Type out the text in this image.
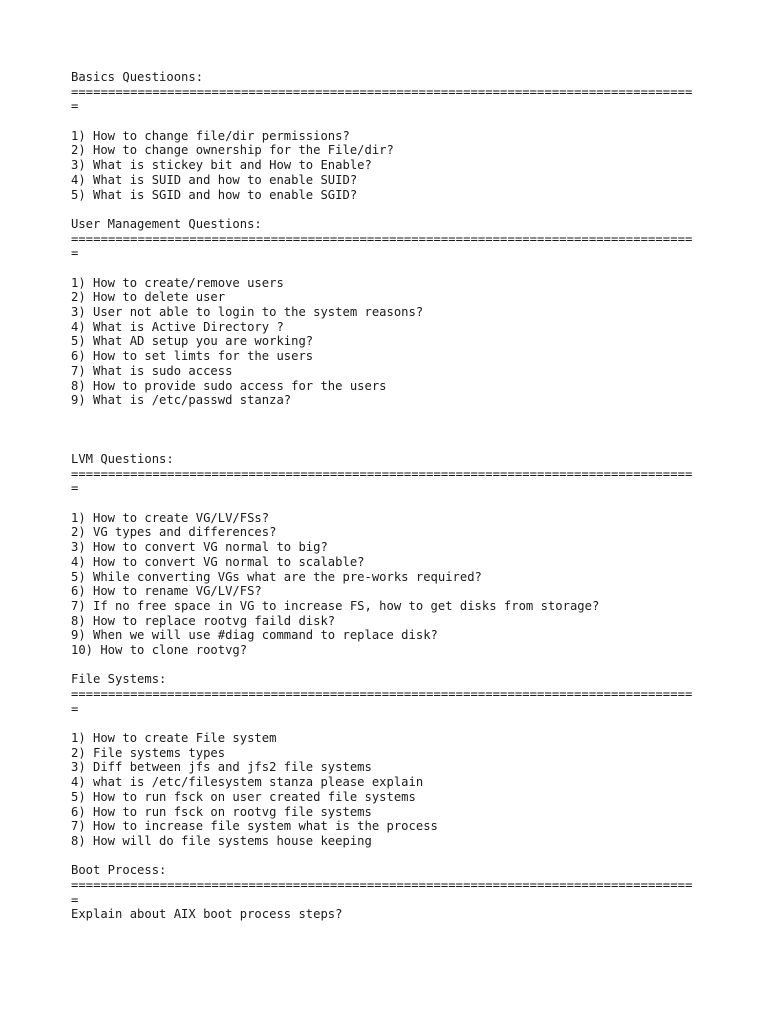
Basics Questioons:
=====================================================================================
1) How to change file/dir permissions?
2) How to change ownership for the File/dir?
3) What is stickey bit and How to Enable?
4) What is SUID and how to enable SUID?
5) What is SGID and how to enable SGID?
User Management Questions:
=====================================================================================
1) How to create/remove users
2) How to delete user
3) User not able to login to the system reasons?
4) What is Active Directory ?
5) What AD setup you are working?
6) How to set limts for the users
7) What is sudo access
8) How to provide sudo access for the users
9) What is /etc/passwd stanza?
LVM Questions:
=====================================================================================
1) How to create VG/LV/FSs?
2) VG types and differences?
3) How to convert VG normal to big?
4) How to convert VG normal to scalable?
5) While converting VGs what are the pre-works required?
6) How to rename VG/LV/FS?
7) If no free space in VG to increase FS, how to get disks from storage?
8) How to replace rootvg faild disk?
9) When we will use #diag command to replace disk?
10) How to clone rootvg?
File Systems:
=====================================================================================
1) How to create File system
2) File systems types
3) Diff between jfs and jfs2 file systems
4) what is /etc/filesystem stanza please explain
5) How to run fsck on user created file systems
6) How to run fsck on rootvg file systems
7) How to increase file system what is the process
8) How will do file systems house keeping
Boot Process:
=====================================================================================
Explain about AIX boot process steps?
